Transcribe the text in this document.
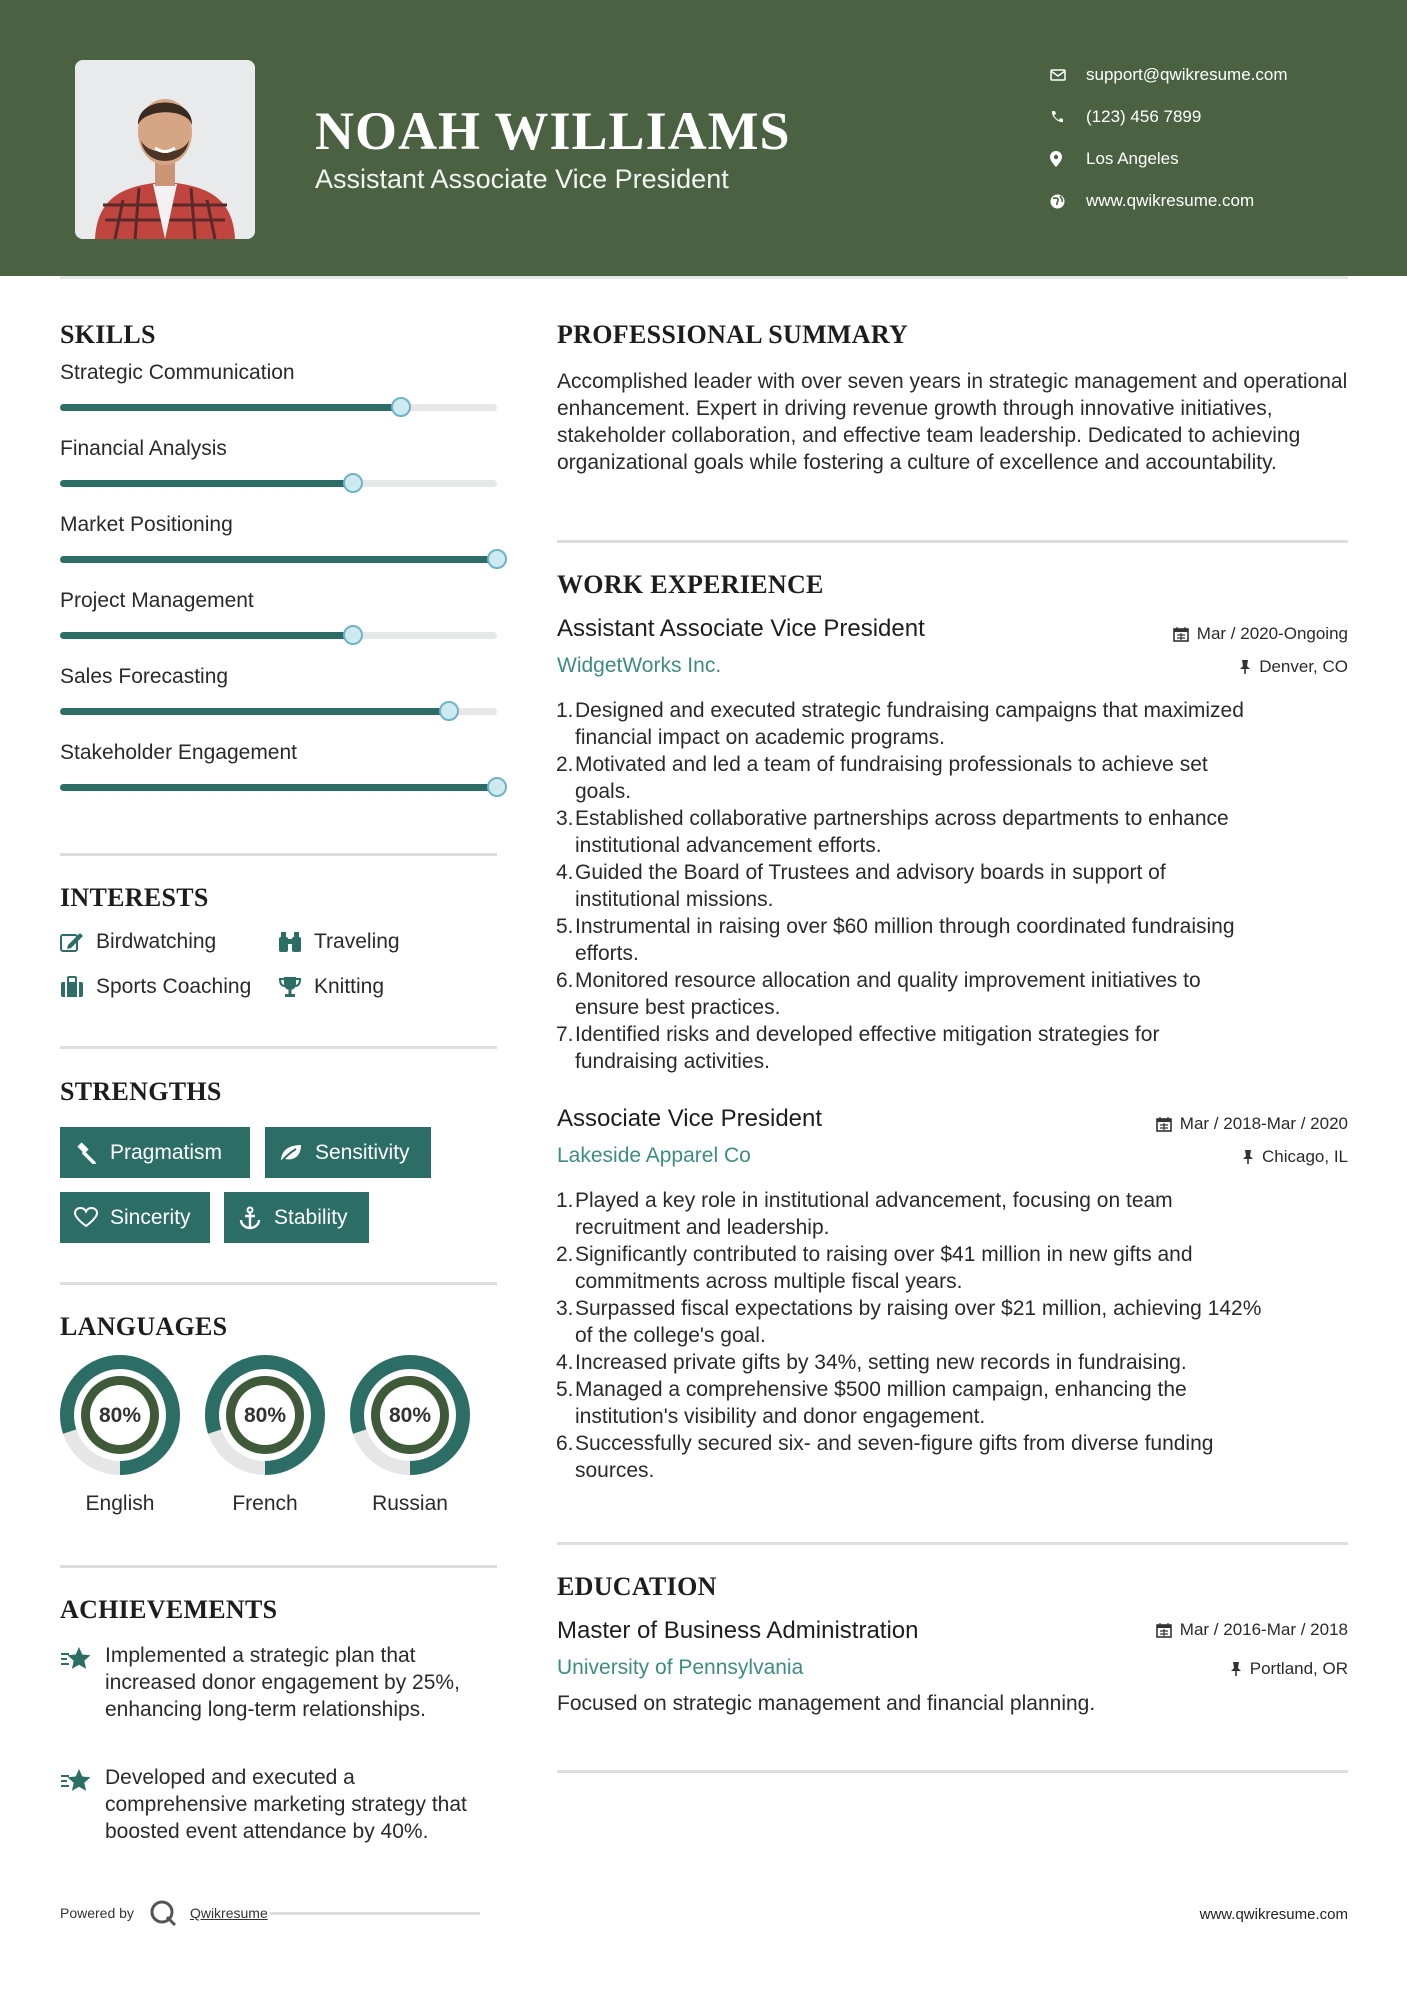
NOAH WILLIAMS
Assistant Associate Vice President
support@qwikresume.com
(123) 456 7899
Los Angeles
www.qwikresume.com
SKILLS
Strategic Communication
Financial Analysis
Market Positioning
Project Management
Sales Forecasting
Stakeholder Engagement
INTERESTS
Birdwatching	Traveling
Sports Coaching	Knitting
STRENGTHS
Pragmatism	Sensitivity
Sincerity	Stability
LANGUAGES
80%
English
80%
French
80%
Russian
ACHIEVEMENTS
Implemented a strategic plan that increased donor engagement by 25%, enhancing long-term relationships.
Developed and executed a comprehensive marketing strategy that boosted event attendance by 40%.
PROFESSIONAL SUMMARY
Accomplished leader with over seven years in strategic management and operational enhancement. Expert in driving revenue growth through innovative initiatives, stakeholder collaboration, and effective team leadership. Dedicated to achieving organizational goals while fostering a culture of excellence and accountability.
WORK EXPERIENCE
Assistant Associate Vice President	Mar / 2020-Ongoing
WidgetWorks Inc.	Denver, CO
1. Designed and executed strategic fundraising campaigns that maximized
financial impact on academic programs.
2. Motivated and led a team of fundraising professionals to achieve set
goals.
3. Established collaborative partnerships across departments to enhance
institutional advancement efforts.
4. Guided the Board of Trustees and advisory boards in support of
institutional missions.
5. Instrumental in raising over $60 million through coordinated fundraising
efforts.
6. Monitored resource allocation and quality improvement initiatives to
ensure best practices.
7. Identified risks and developed effective mitigation strategies for
fundraising activities.
Associate Vice President	Mar / 2018-Mar / 2020
Lakeside Apparel Co	Chicago, IL
1. Played a key role in institutional advancement, focusing on team
recruitment and leadership.
2. Significantly contributed to raising over $41 million in new gifts and
commitments across multiple fiscal years.
3. Surpassed fiscal expectations by raising over $21 million, achieving 142%
of the college's goal.
4. Increased private gifts by 34%, setting new records in fundraising.
5. Managed a comprehensive $500 million campaign, enhancing the
institution's visibility and donor engagement.
6. Successfully secured six- and seven-figure gifts from diverse funding
sources.
EDUCATION
Master of Business Administration	Mar / 2016-Mar / 2018
University of Pennsylvania	Portland, OR
Focused on strategic management and financial planning.
Powered by	Qwikresume	www.qwikresume.com
